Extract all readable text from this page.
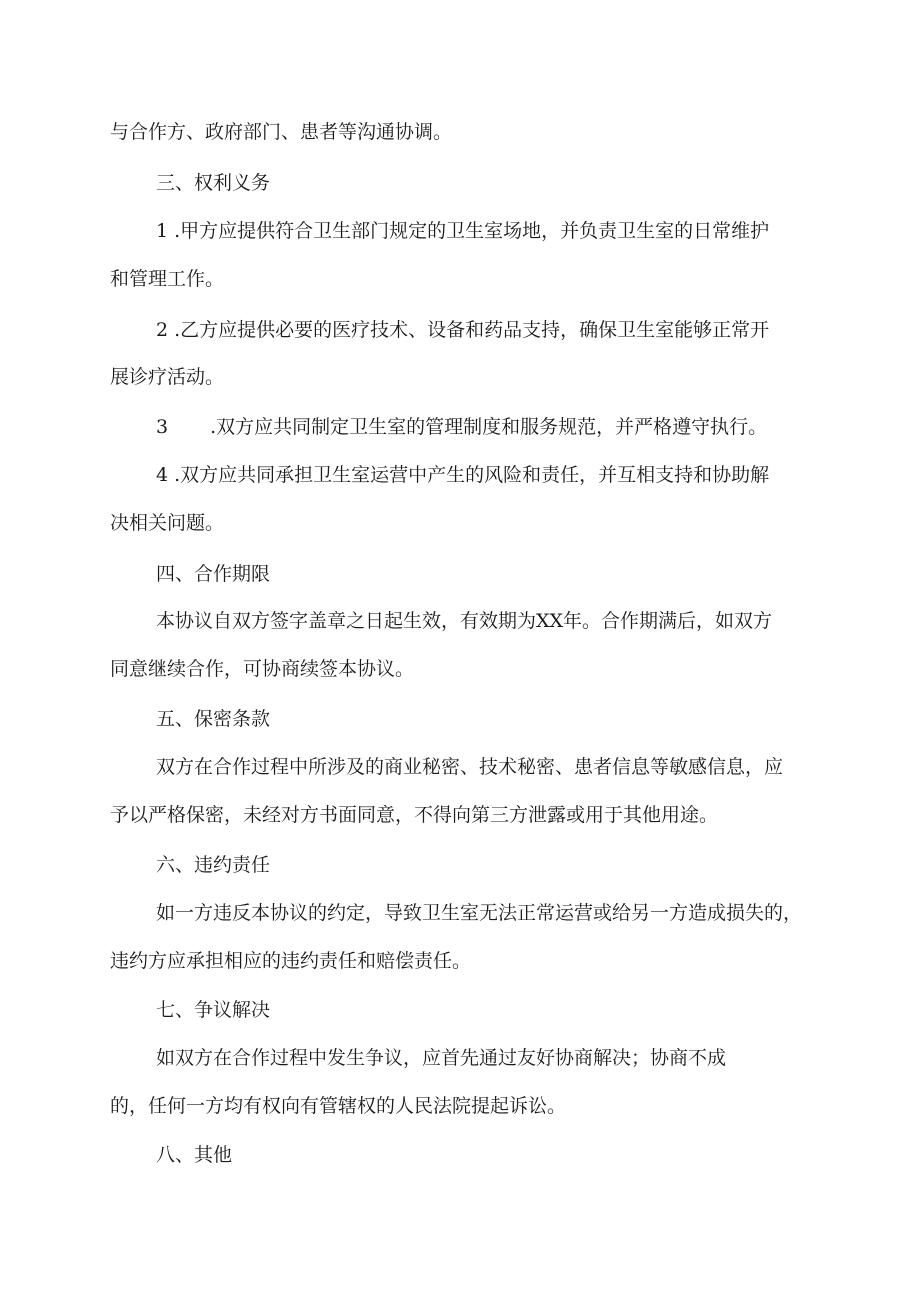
与合作方、政府部门、患者等沟通协调。
三、权利义务
1 .甲方应提供符合卫生部门规定的卫生室场地，并负责卫生室的日常维护
和管理工作。
2 .乙方应提供必要的医疗技术、设备和药品支持，确保卫生室能够正常开
展诊疗活动。
3 .双方应共同制定卫生室的管理制度和服务规范，并严格遵守执行。
4 .双方应共同承担卫生室运营中产生的风险和责任，并互相支持和协助解
决相关问题。
四、合作期限
本协议自双方签字盖章之日起生效，有效期为XX年。合作期满后，如双方
同意继续合作，可协商续签本协议。
五、保密条款
双方在合作过程中所涉及的商业秘密、技术秘密、患者信息等敏感信息，应
予以严格保密，未经对方书面同意，不得向第三方泄露或用于其他用途。
六、违约责任
如一方违反本协议的约定，导致卫生室无法正常运营或给另一方造成损失的，
违约方应承担相应的违约责任和赔偿责任。
七、争议解决
如双方在合作过程中发生争议，应首先通过友好协商解决；协商不成
的，任何一方均有权向有管辖权的人民法院提起诉讼。
八、其他
